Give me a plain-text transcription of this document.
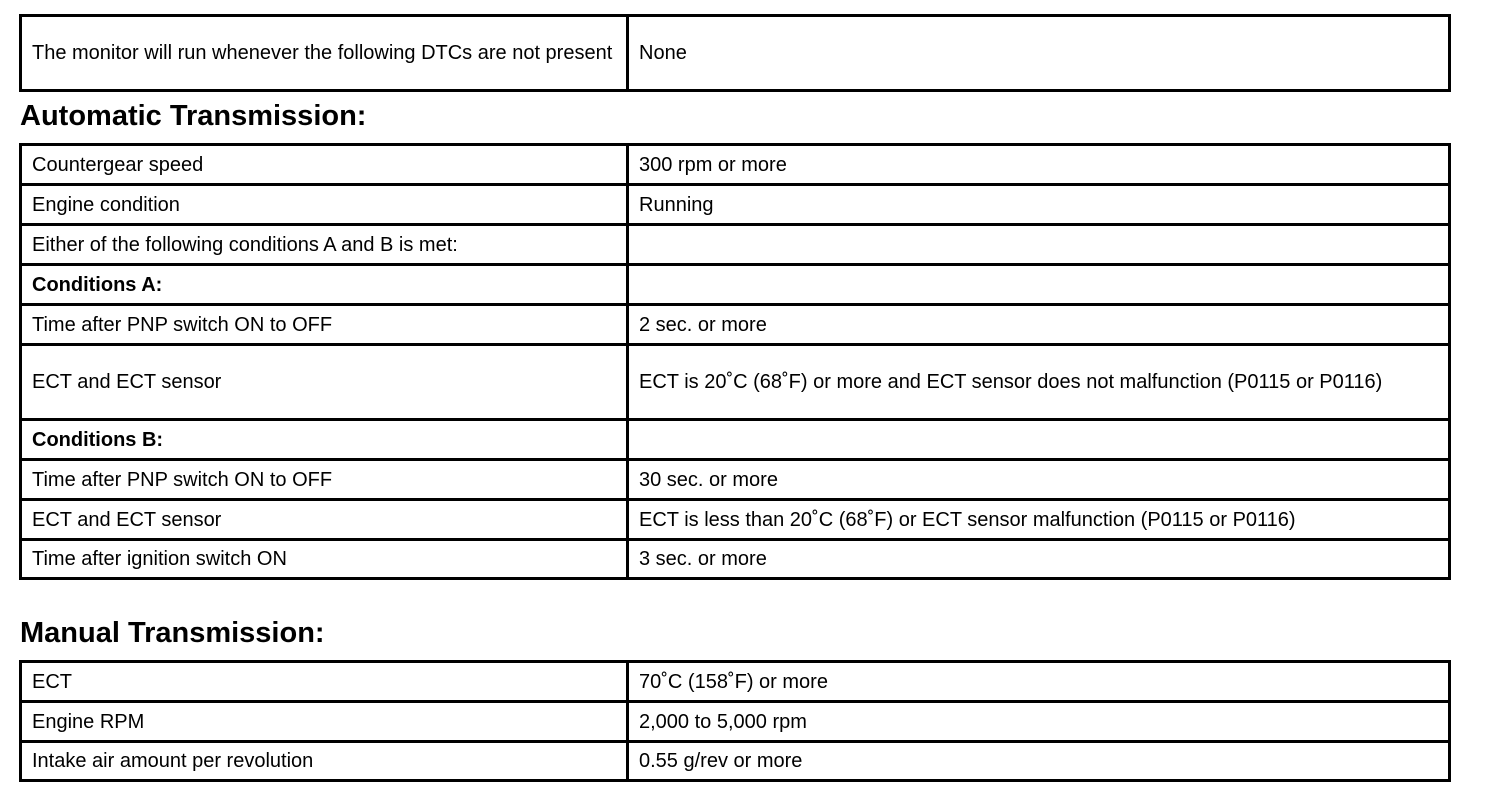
The monitor will run whenever the following DTCs are not present	None
Automatic Transmission:
Countergear speed	300 rpm or more
Engine condition	Running
Either of the following conditions A and B is met:	
Conditions A:	
Time after PNP switch ON to OFF	2 sec. or more
ECT and ECT sensor	ECT is 20˚C (68˚F) or more and ECT sensor does not malfunction (P0115 or P0116)
Conditions B:	
Time after PNP switch ON to OFF	30 sec. or more
ECT and ECT sensor	ECT is less than 20˚C (68˚F) or ECT sensor malfunction (P0115 or P0116)
Time after ignition switch ON	3 sec. or more
Manual Transmission:
ECT	70˚C (158˚F) or more
Engine RPM	2,000 to 5,000 rpm
Intake air amount per revolution	0.55 g/rev or more
